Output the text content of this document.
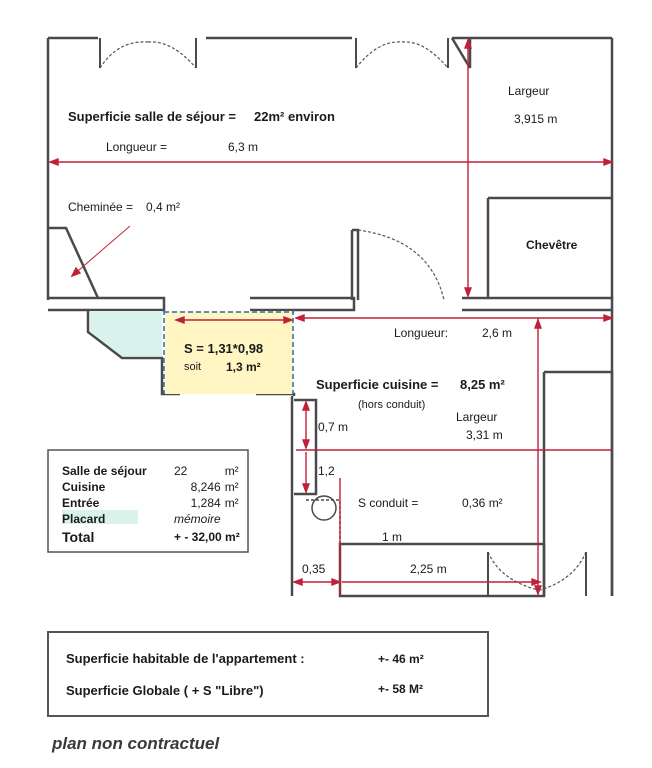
Superficie salle de séjour = 22m² environ
Longueur =	6,3 m
Largeur
3,915 m
Cheminée = 0,4 m²
Chevêtre
S = 1,31*0,98
soit 1,3 m²
Longueur:	2,6 m
Superficie cuisine = 8,25 m²
(hors conduit)
Largeur
3,31 m
S conduit =	0,36 m²
0,7 m
1,2
1 m
0,35	2,25 m
Salle de séjour	22	m²
Cuisine	8,246	m²
Entrée	1,284	m²
Placard	mémoire	
Total	+ - 32,00 m²	
Superficie habitable de l'appartement :	+- 46 m²
Superficie Globale ( + S "Libre")	+- 58 M²
plan non contractuel
